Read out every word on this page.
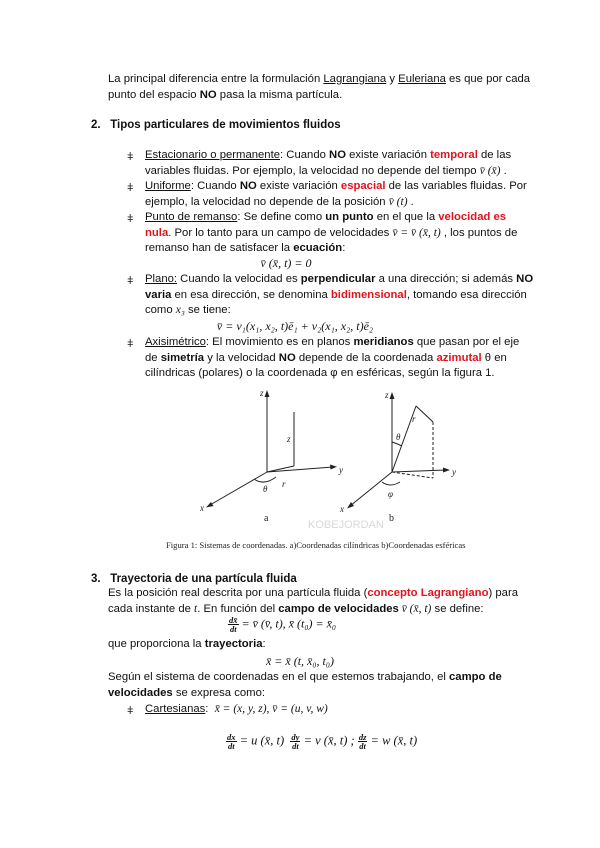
La principal diferencia entre la formulación Lagrangiana y Euleriana es que por cada
punto del espacio NO pasa la misma partícula.
2. Tipos particulares de movimientos fluidos
ǂ Estacionario o permanente: Cuando NO existe variación temporal de las
variables fluidas. Por ejemplo, la velocidad no depende del tiempo v̄ (x̄) .
ǂ Uniforme: Cuando NO existe variación espacial de las variables fluidas. Por
ejemplo, la velocidad no depende de la posición v̄ (t) .
ǂ Punto de remanso: Se define como un punto en el que la velocidad es
nula. Por lo tanto para un campo de velocidades v̄ = v̄ (x̄, t) , los puntos de
remanso han de satisfacer la ecuación:
v̄ (x̄, t) = 0
ǂ Plano: Cuando la velocidad es perpendicular a una dirección; si además NO
varia en esa dirección, se denomina bidimensional, tomando esa dirección
como x₃ se tiene:
v̄ = v₁(x₁, x₂, t)ē₁ + v₂(x₁, x₂, t)ē₂
ǂ Axisimétrico: El movimiento es en planos meridianos que pasan por el eje
de simetría y la velocidad NO depende de la coordenada azimutal θ en
cilíndricas (polares) o la coordenada φ en esféricas, según la figura 1.
z
z
y
x
θ r
a
z
r
θ
y
x
φ
b
KOBEJORDAN
Figura 1: Sistemas de coordenadas. a)Coordenadas cilíndricas b)Coordenadas esféricas
3. Trayectoria de una partícula fluida
Es la posición real descrita por una partícula fluida (concepto Lagrangiano) para
cada instante de t. En función del campo de velocidades v̄ (x̄, t) se define:
$\frac{dx̄}{dt}$ = v̄ (v̄, t), x̄ (t₀) = x̄₀
que proporciona la trayectoria:
x̄ = x̄ (t, x̄₀, t₀)
Según el sistema de coordenadas en el que estemos trabajando, el campo de
velocidades se expresa como:
ǂ Cartesianas: x̄ = (x, y, z), v̄ = (u, v, w)
$\frac{dx}{dt} = u$ (x̄, $t) \frac{dy}{dt} = v$ (x̄, t) ; $\frac{dz}{dt} = w$ (x̄, t)
